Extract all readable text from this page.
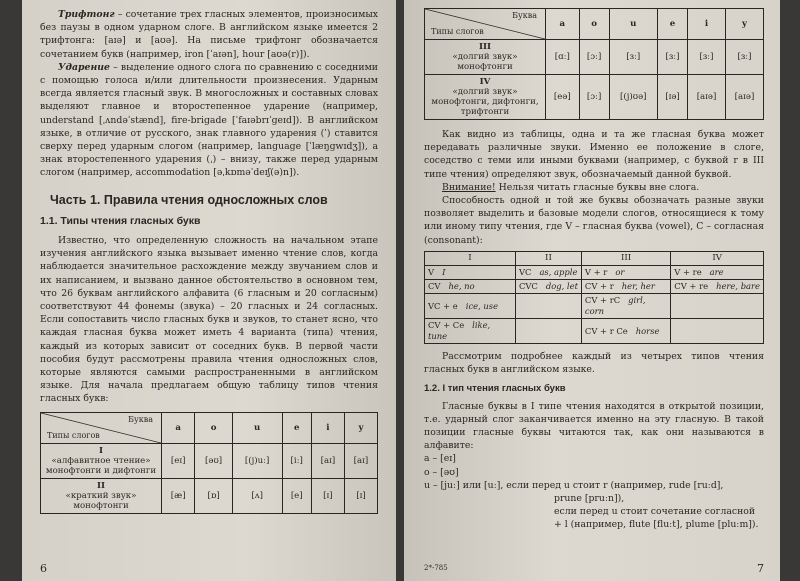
Трифтонг – сочетание трех гласных элементов, произносимых без паузы в одном ударном слоге. В английском языке имеется 2 трифтонга: [aɪə] и [aʊə]. На письме трифтонг обозначается сочетанием букв (например, iron [ˈaɪən], hour [aʊə(r)]).

Ударение – выделение одного слога по сравнению с соседними с помощью голоса и/или длительности произнесения. Ударным всегда является гласный звук. В многосложных и составных словах выделяют главное и второстепенное ударение (например, understand [ˌʌndəˈstænd], fire-brigade [ˈfaɪəbrɪˈgeɪd]). В английском языке, в отличие от русского, знак главного ударения (ˈ) ставится сверху перед ударным слогом (например, language [ˈlæŋgwɪdʒ]), а знак второстепенного ударения (ˌ) – внизу, также перед ударным слогом (например, accommodation [əˌkɒməˈdeɪʃ(ə)n]).

Часть 1. Правила чтения односложных слов
1.1. Типы чтения гласных букв

Известно, что определенную сложность на начальном этапе изучения английского языка вызывает именно чтение слов, когда наблюдается значительное расхождение между звучанием слов и их написанием, и вызвано данное обстоятельство в основном тем, что 26 буквам английского алфавита (6 гласным и 20 согласным) соответствуют 44 фонемы (звука) – 20 гласных и 24 согласных. Если сопоставить число гласных букв и звуков, то станет ясно, что каждая гласная буква может иметь 4 варианта (типа) чтения, каждый из которых зависит от соседних букв. В первой части пособия будут рассмотрены правила чтения односложных слов, которые являются самыми распространенными в английском языке. Для начала предлагаем общую таблицу типов чтения гласных букв:

Буква
Типы слогов	a	o	u	e	i	y
I
«алфавитное чтение» монофтонги и дифтонги	[eɪ]	[əʊ]	[(j)uː]	[iː]	[aɪ]	[aɪ]
II
«краткий звук» монофтонги	[æ]	[ɒ]	[ʌ]	[e]	[ɪ]	[ɪ]
6
Буква
Типы слогов	a	o	u	e	i	y
III
«долгий звук» монофтонги	[ɑː]	[ɔː]	[ɜː]	[ɜː]	[ɜː]	[ɜː]
IV
«долгий звук» монофтонги, дифтонги, трифтонги	[eə]	[ɔː]	[(j)ʊə]	[ɪə]	[aɪə]	[aɪə]

Как видно из таблицы, одна и та же гласная буква может передавать различные звуки. Именно ее положение в слоге, соседство с теми или иными буквами (например, с буквой r в III типе чтения) определяют звук, обозначаемый данной буквой.

Внимание! Нельзя читать гласные буквы вне слога.

Способность одной и той же буквы обозначать разные звуки позволяет выделить и базовые модели слогов, относящиеся к тому или иному типу чтения, где V – гласная буква (vowel), C – согласная (consonant):

I	II	III	IV
V I	VC as, apple	V + r or	V + re are
CV he, no	CVC dog, let	CV + r her, her	CV + re here, bare
VC + e ice, use		CV + rC girl, corn	
CV + Ce like, tune		CV + r Ce horse	

Рассмотрим подробнее каждый из четырех типов чтения гласных букв в английском языке.

1.2. I тип чтения гласных букв

Гласные буквы в I типе чтения находятся в открытой позиции, т.е. ударный слог заканчивается именно на эту гласную. В такой позиции гласные буквы читаются так, как они называются в алфавите:

a – [eɪ]

o – [əʊ]

u – [juː] или [uː], если перед u стоит r (например, rude [ruːd],

prune [pruːn]),

если перед u стоит сочетание согласной + l (например, flute [fluːt], plume [pluːm]).

2*-785	7
